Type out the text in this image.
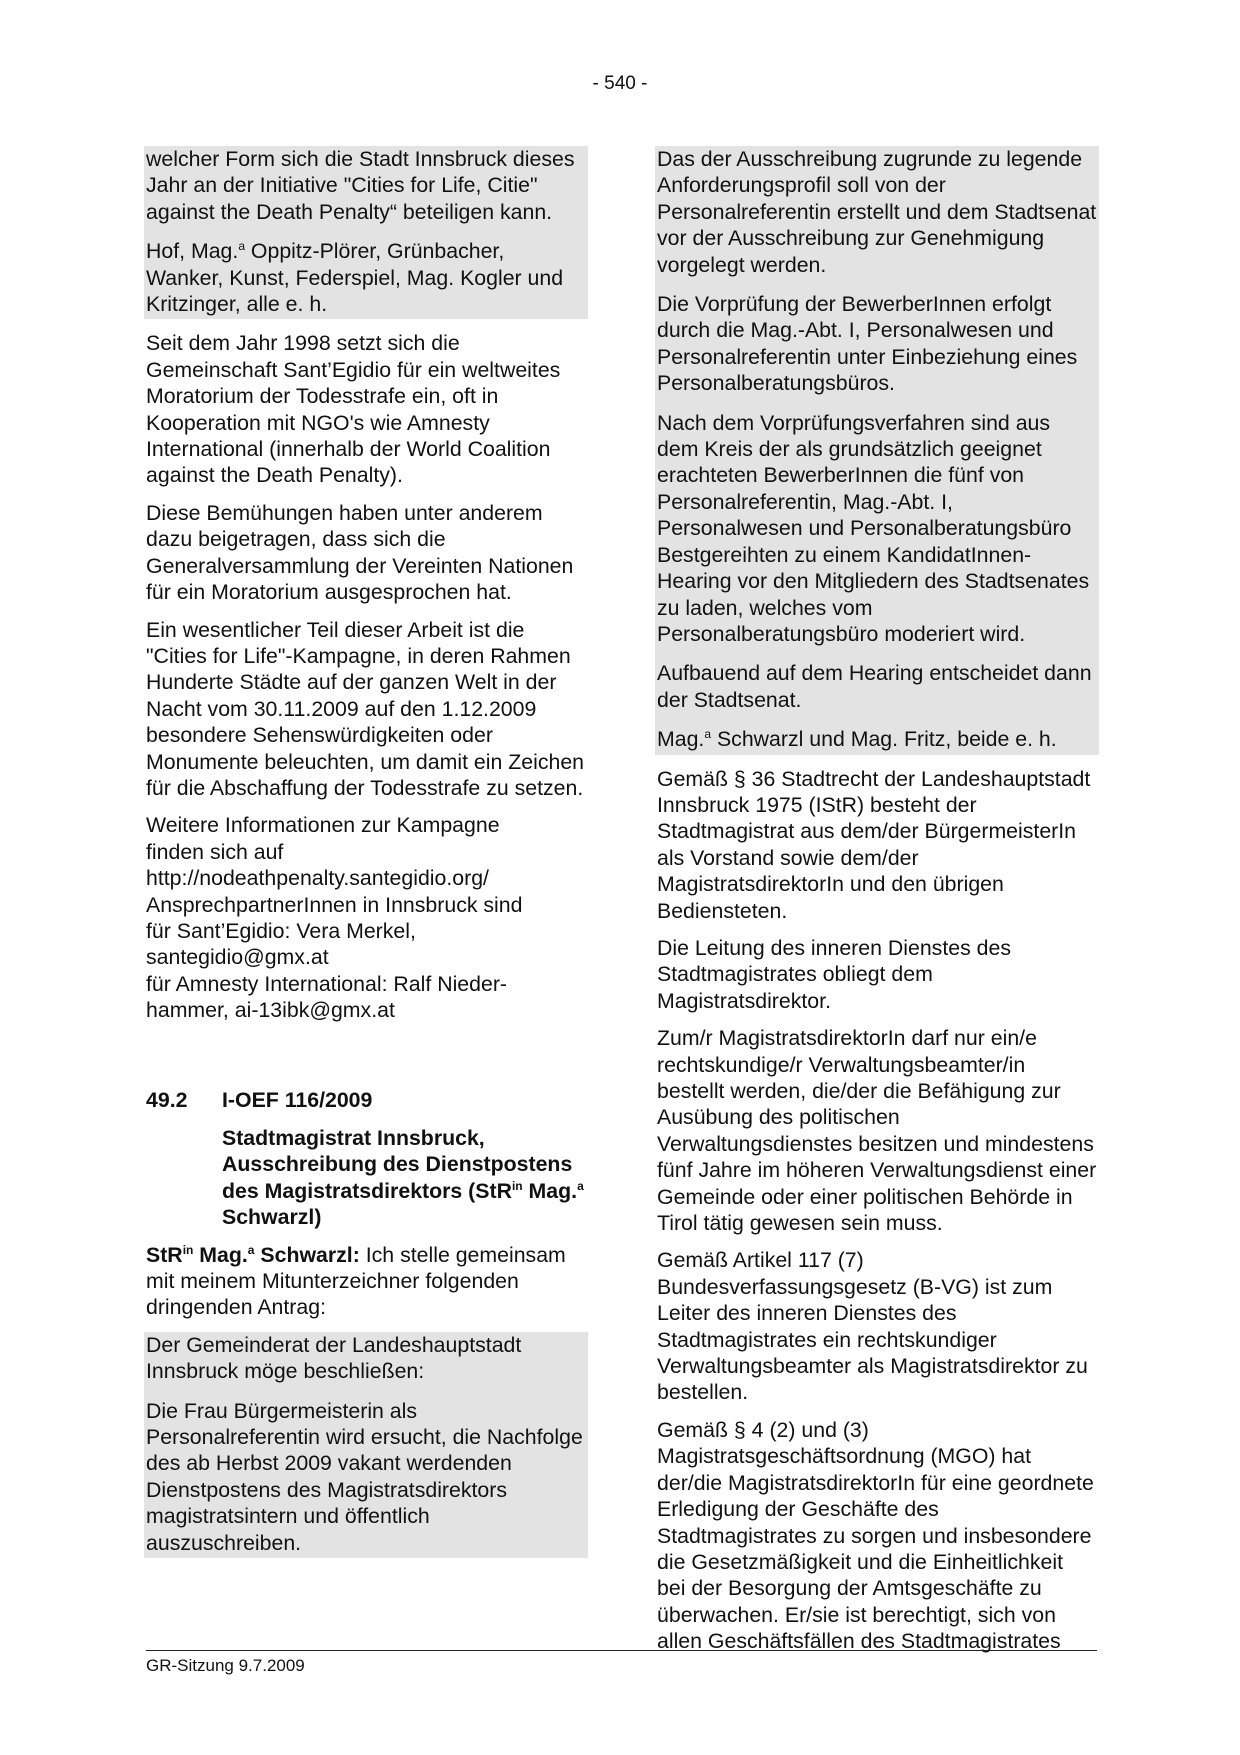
- 540 -
welcher Form sich die Stadt Innsbruck dieses Jahr an der Initiative "Cities for Life, Citie" against the Death Penalty“ beteiligen kann.
Hof, Mag.$^a$ Oppitz-Plörer, Grünbacher, Wanker, Kunst, Federspiel, Mag. Kogler und Kritzinger, alle e. h.
Seit dem Jahr 1998 setzt sich die Gemeinschaft Sant’Egidio für ein weltweites Moratorium der Todesstrafe ein, oft in Kooperation mit NGO's wie Amnesty International (innerhalb der World Coalition against the Death Penalty).
Diese Bemühungen haben unter anderem dazu beigetragen, dass sich die Generalversammlung der Vereinten Nationen für ein Moratorium ausgesprochen hat.
Ein wesentlicher Teil dieser Arbeit ist die "Cities for Life"-Kampagne, in deren Rahmen Hunderte Städte auf der ganzen Welt in der Nacht vom 30.11.2009 auf den 1.12.2009 besondere Sehenswürdigkeiten oder Monumente beleuchten, um damit ein Zeichen für die Abschaffung der Todesstrafe zu setzen.
Weitere Informationen zur Kampagne
finden sich auf
http://nodeathpenalty.santegidio.org/
AnsprechpartnerInnen in Innsbruck sind
für Sant’Egidio: Vera Merkel,
santegidio@gmx.at
für Amnesty International: Ralf Nieder-
hammer, ai-13ibk@gmx.at
49.2	I-OEF 116/2009
Stadtmagistrat Innsbruck, Ausschreibung des Dienstpostens des Magistratsdirektors (StR$^{in}$ Mag.$^a$ Schwarzl)
StR$^{in}$ Mag.$^a$ Schwarzl: Ich stelle gemeinsam mit meinem Mitunterzeichner folgenden dringenden Antrag:
Der Gemeinderat der Landeshauptstadt Innsbruck möge beschließen:
Die Frau Bürgermeisterin als Personalreferentin wird ersucht, die Nachfolge des ab Herbst 2009 vakant werdenden Dienstpostens des Magistratsdirektors magistratsintern und öffentlich auszuschreiben.
Das der Ausschreibung zugrunde zu legende Anforderungsprofil soll von der Personalreferentin erstellt und dem Stadtsenat vor der Ausschreibung zur Genehmigung vorgelegt werden.
Die Vorprüfung der BewerberInnen erfolgt durch die Mag.-Abt. I, Personalwesen und Personalreferentin unter Einbeziehung eines Personalberatungsbüros.
Nach dem Vorprüfungsverfahren sind aus dem Kreis der als grundsätzlich geeignet erachteten BewerberInnen die fünf von Personalreferentin, Mag.-Abt. I, Personalwesen und Personalberatungsbüro Bestgereihten zu einem KandidatInnen-Hearing vor den Mitgliedern des Stadtsenates zu laden, welches vom Personalberatungsbüro moderiert wird.
Aufbauend auf dem Hearing entscheidet dann der Stadtsenat.
Mag.$^a$ Schwarzl und Mag. Fritz, beide e. h.
Gemäß § 36 Stadtrecht der Landeshauptstadt Innsbruck 1975 (IStR) besteht der Stadtmagistrat aus dem/der BürgermeisterIn als Vorstand sowie dem/der MagistratsdirektorIn und den übrigen Bediensteten.
Die Leitung des inneren Dienstes des Stadtmagistrates obliegt dem Magistratsdirektor.
Zum/r MagistratsdirektorIn darf nur ein/e rechtskundige/r Verwaltungsbeamter/in bestellt werden, die/der die Befähigung zur Ausübung des politischen Verwaltungsdienstes besitzen und mindestens fünf Jahre im höheren Verwaltungsdienst einer Gemeinde oder einer politischen Behörde in Tirol tätig gewesen sein muss.
Gemäß Artikel 117 (7) Bundesverfassungsgesetz (B-VG) ist zum Leiter des inneren Dienstes des Stadtmagistrates ein rechtskundiger Verwaltungsbeamter als Magistratsdirektor zu bestellen.
Gemäß § 4 (2) und (3) Magistratsgeschäftsordnung (MGO) hat der/die MagistratsdirektorIn für eine geordnete Erledigung der Geschäfte des Stadtmagistrates zu sorgen und insbesondere die Gesetzmäßigkeit und die Einheitlichkeit bei der Besorgung der Amtsgeschäfte zu überwachen. Er/sie ist berechtigt, sich von allen Geschäftsfällen des Stadtmagistrates
GR-Sitzung 9.7.2009
